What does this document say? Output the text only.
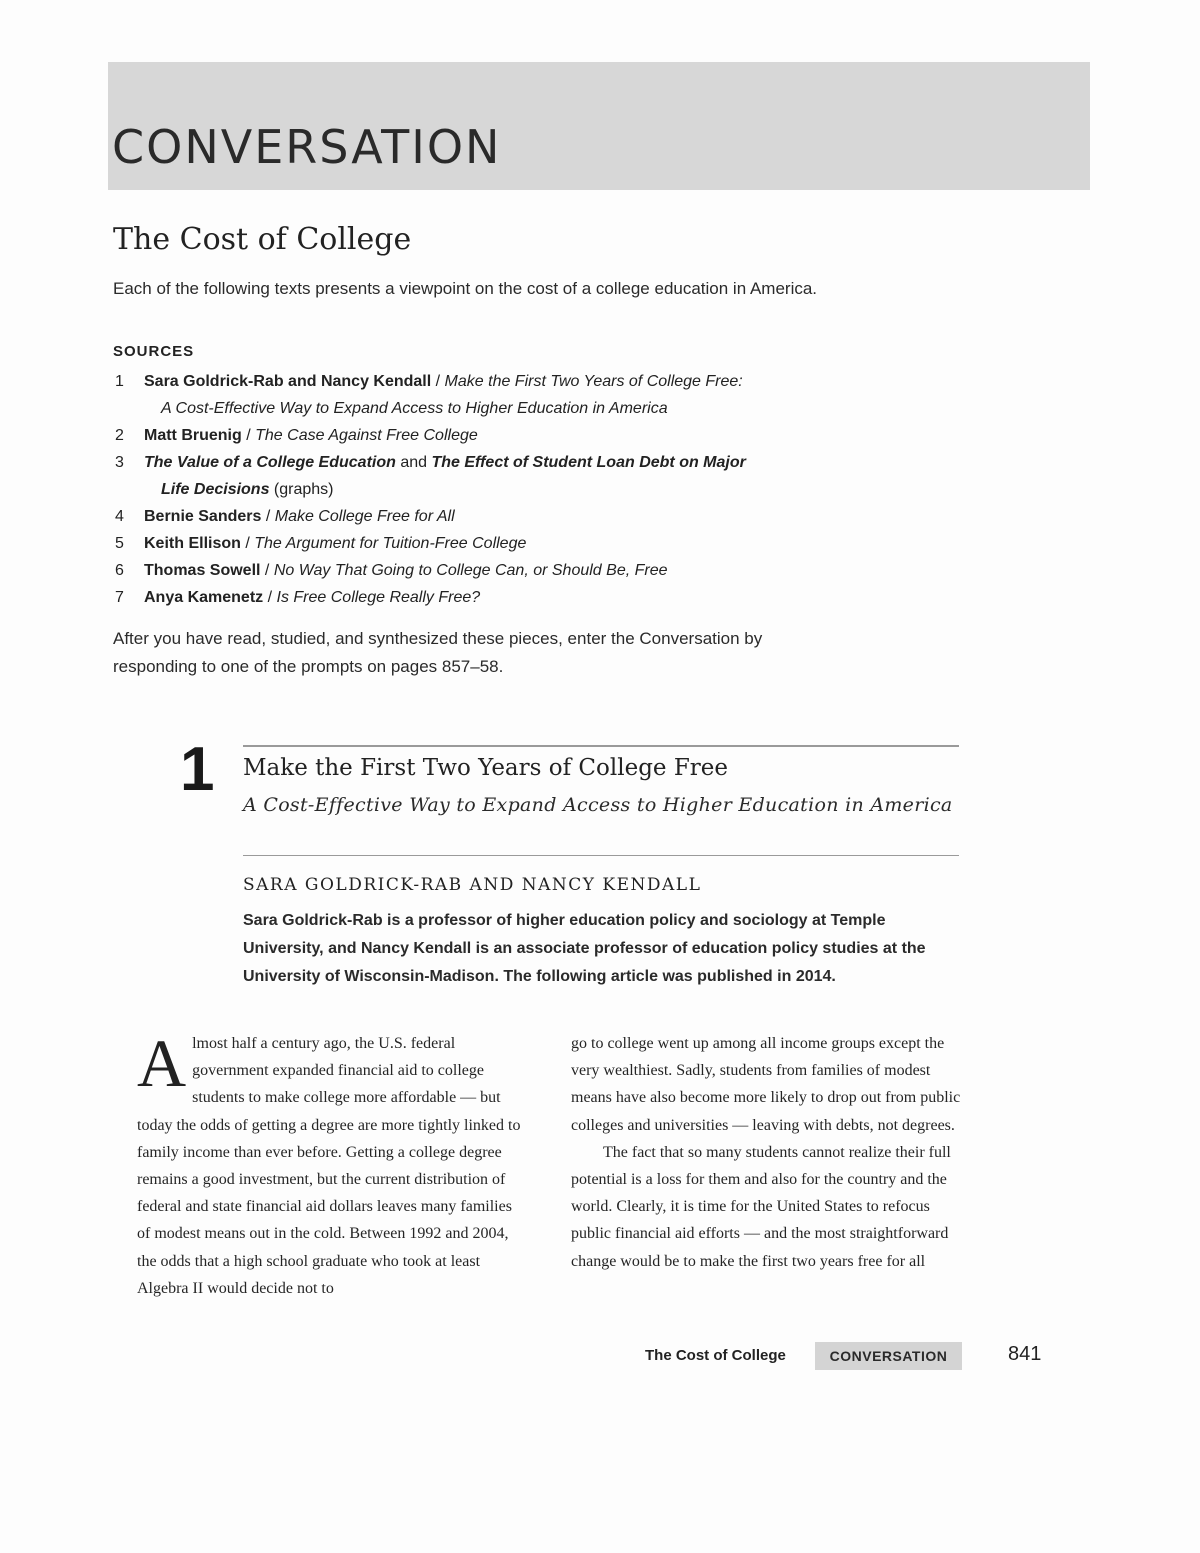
CONVERSATION
The Cost of College

Each of the following texts presents a viewpoint on the cost of a college education in America.

SOURCES
1 Sara Goldrick-Rab and Nancy Kendall / Make the First Two Years of College Free:
A Cost-Effective Way to Expand Access to Higher Education in America
2 Matt Bruenig / The Case Against Free College
3 The Value of a College Education and The Effect of Student Loan Debt on Major
Life Decisions (graphs)
4 Bernie Sanders / Make College Free for All
5 Keith Ellison / The Argument for Tuition-Free College
6 Thomas Sowell / No Way That Going to College Can, or Should Be, Free
7 Anya Kamenetz / Is Free College Really Free?

After you have read, studied, and synthesized these pieces, enter the Conversation by responding to one of the prompts on pages 857–58.

1 Make the First Two Years of College Free

A Cost-Effective Way to Expand Access to Higher Education in America

SARA GOLDRICK-RAB AND NANCY KENDALL

Sara Goldrick-Rab is a professor of higher education policy and sociology at Temple University, and Nancy Kendall is an associate professor of education policy studies at the University of Wisconsin-Madison. The following article was published in 2014.

Almost half a century ago, the U.S. federal government expanded financial aid to college students to make college more affordable — but today the odds of getting a degree are more tightly linked to family income than ever before. Getting a college degree remains a good investment, but the current distribution of federal and state financial aid dollars leaves many families of modest means out in the cold. Between 1992 and 2004, the odds that a high school graduate who took at least Algebra II would decide not to
go to college went up among all income groups except the very wealthiest. Sadly, students from families of modest means have also become more likely to drop out from public colleges and universities — leaving with debts, not degrees.
The fact that so many students cannot realize their full potential is a loss for them and also for the country and the world. Clearly, it is time for the United States to refocus public financial aid efforts — and the most straightforward change would be to make the first two years free for all
The Cost of College	CONVERSATION	841
